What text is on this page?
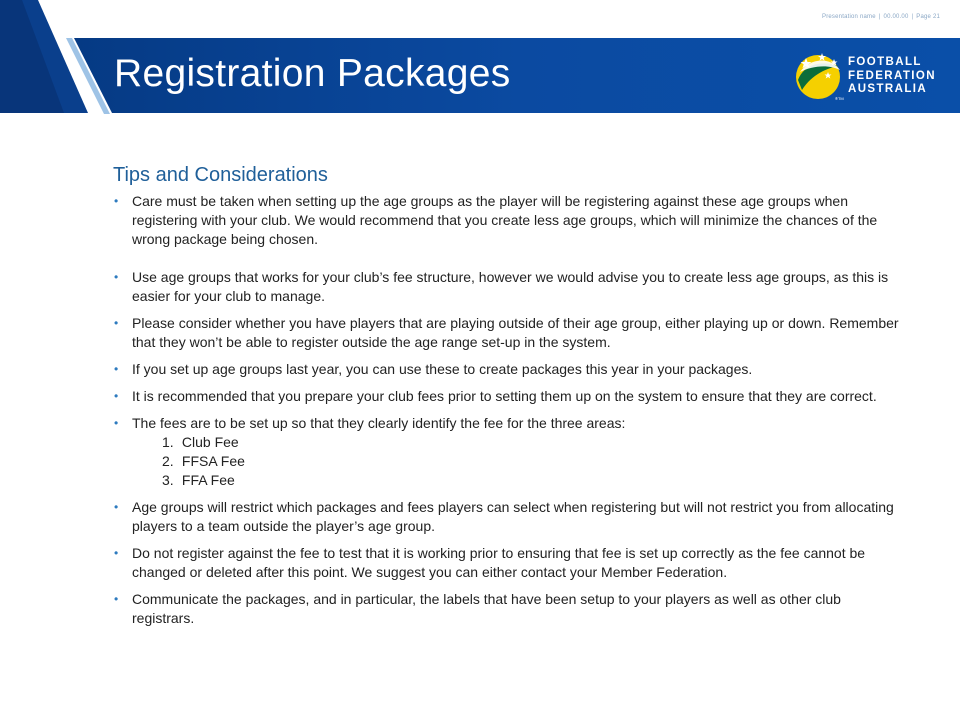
Presentation name | 00.00.00 | Page 21
Registration Packages	FOOTBALL
FEDERATION
AUSTRALIA
®TM
Tips and Considerations
• Care must be taken when setting up the age groups as the player will be registering against these age groups when registering with your club. We would recommend that you create less age groups, which will minimize the chances of the wrong package being chosen.
• Use age groups that works for your club’s fee structure, however we would advise you to create less age groups, as this is easier for your club to manage.
• Please consider whether you have players that are playing outside of their age group, either playing up or down. Remember that they won’t be able to register outside the age range set-up in the system.
• If you set up age groups last year, you can use these to create packages this year in your packages.
• It is recommended that you prepare your club fees prior to setting them up on the system to ensure that they are correct.
• The fees are to be set up so that they clearly identify the fee for the three areas:
1. Club Fee
2. FFSA Fee
3. FFA Fee
• Age groups will restrict which packages and fees players can select when registering but will not restrict you from allocating players to a team outside the player’s age group.
• Do not register against the fee to test that it is working prior to ensuring that fee is set up correctly as the fee cannot be changed or deleted after this point. We suggest you can either contact your Member Federation.
• Communicate the packages, and in particular, the labels that have been setup to your players as well as other club registrars.
